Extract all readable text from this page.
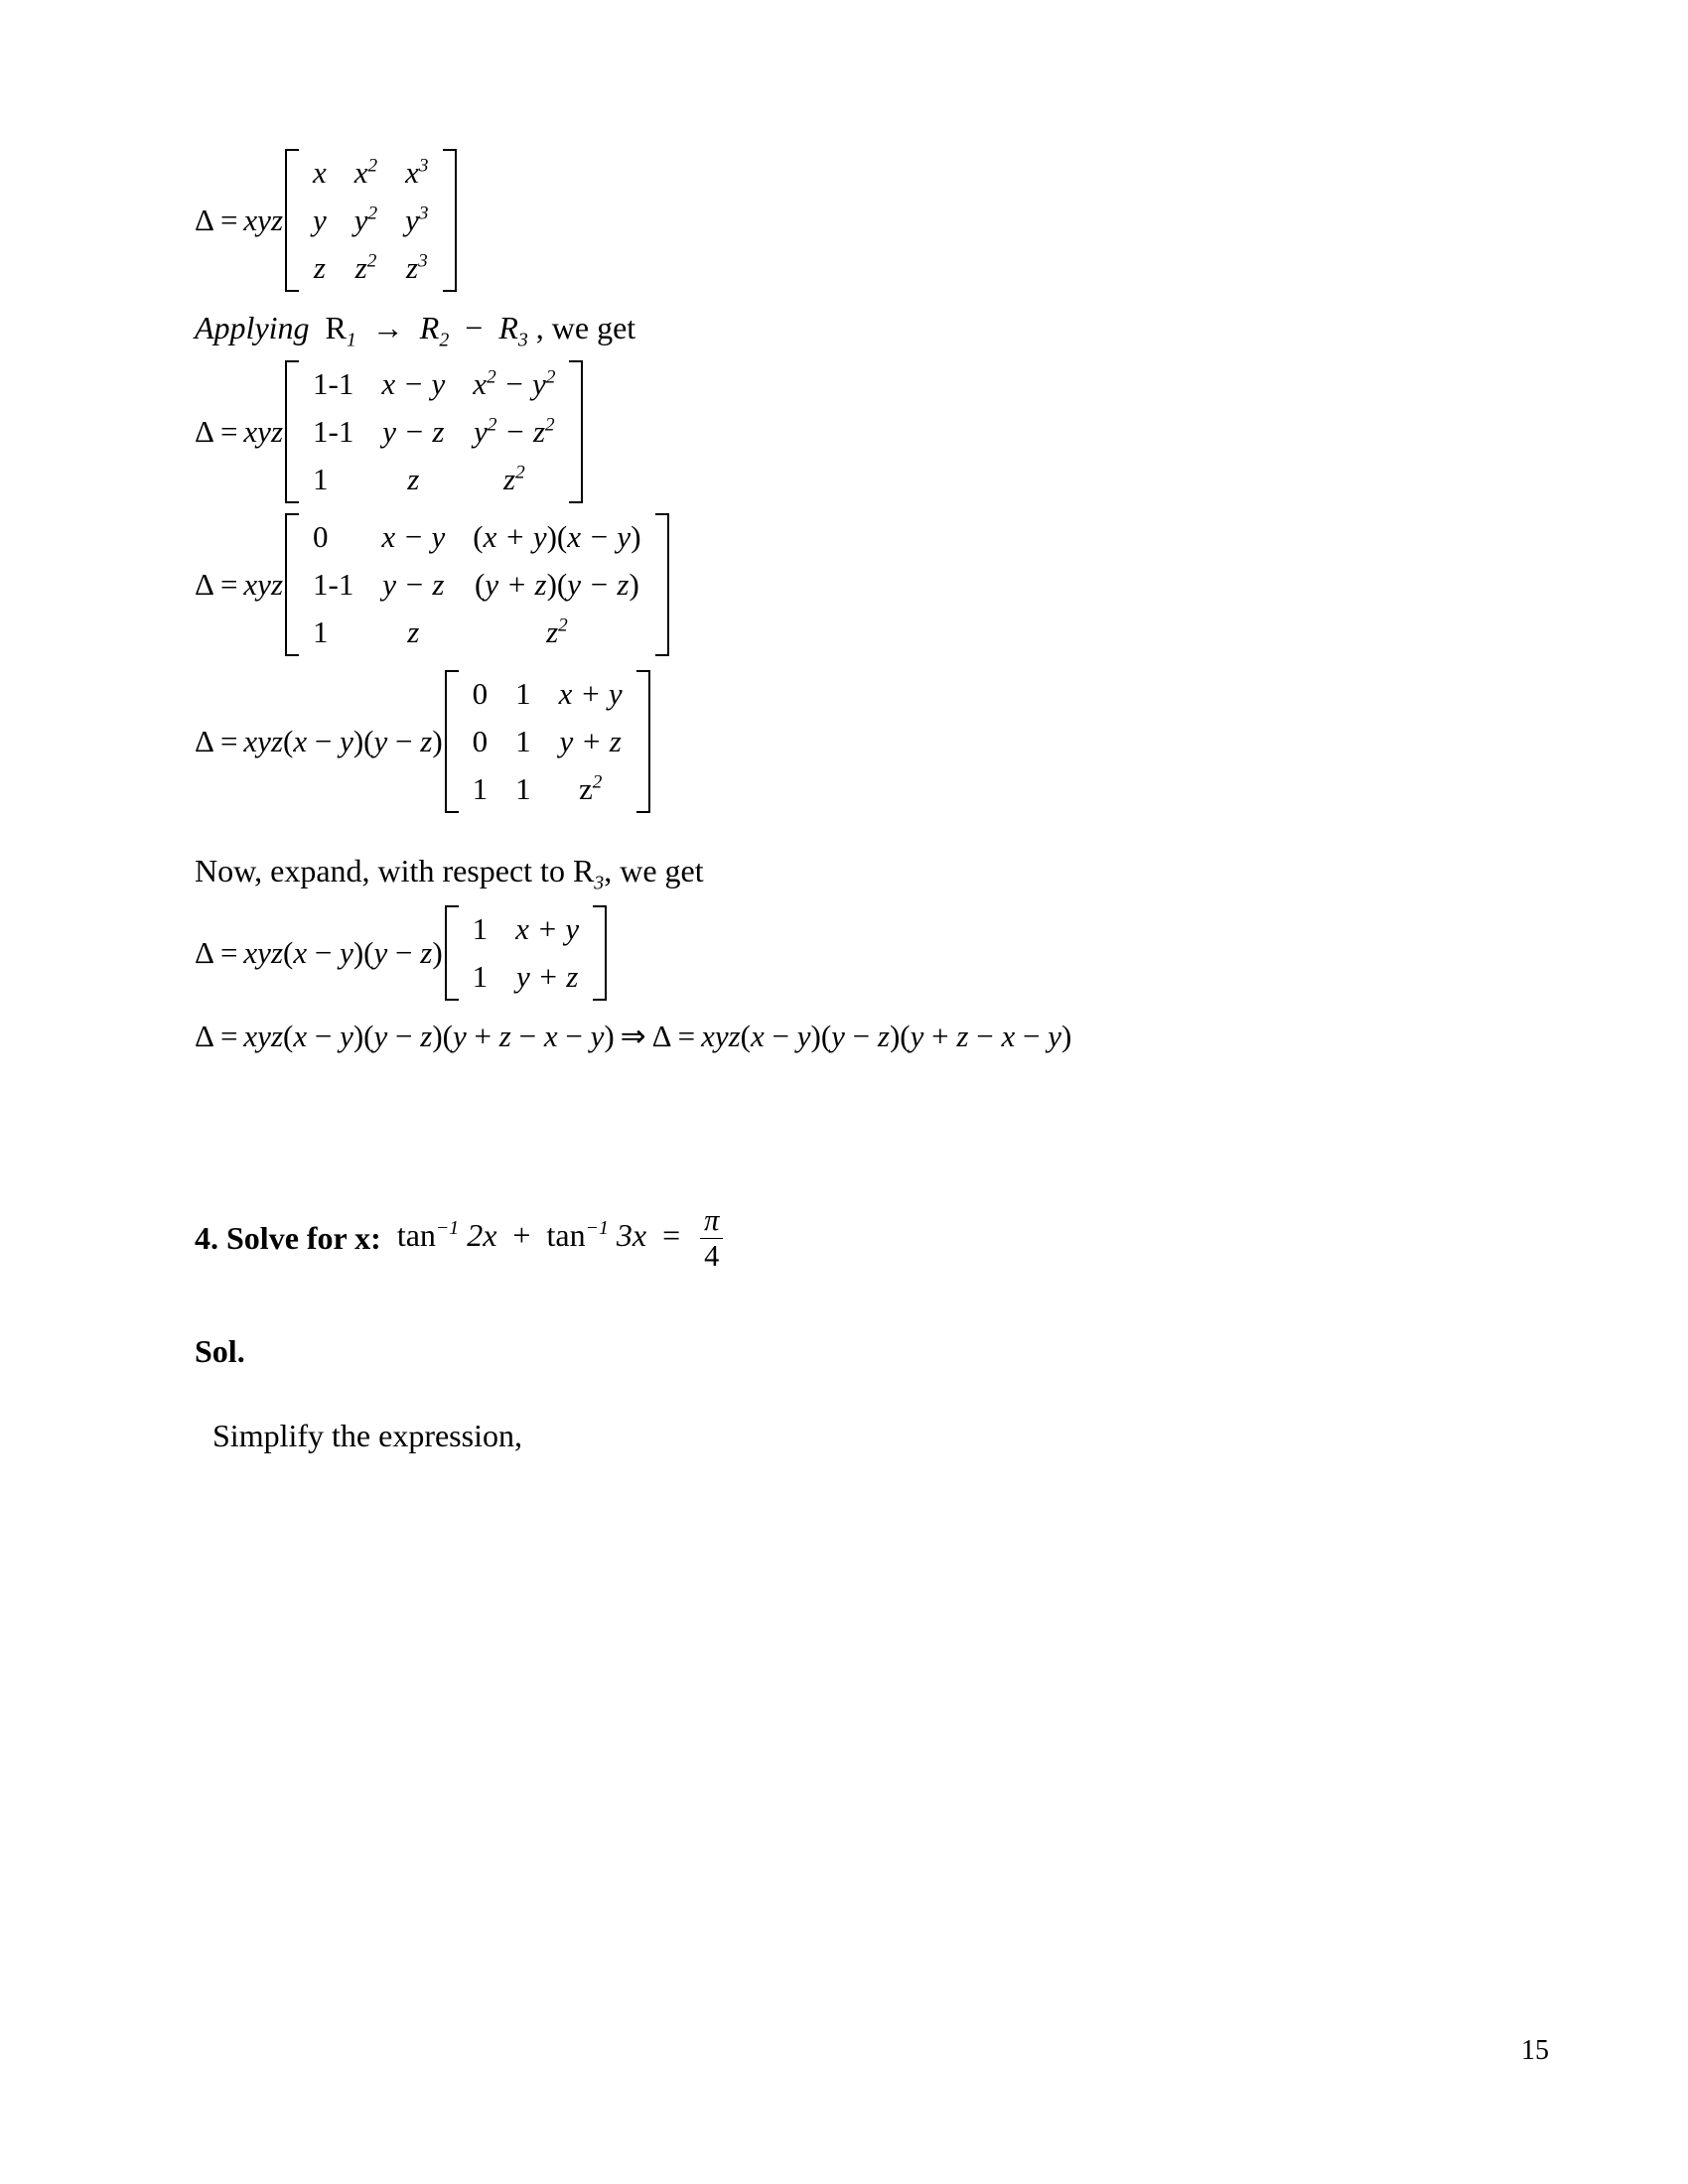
Δ = xyz
x	$x^2$	$x^3$
y	$y^2$	$y^3$
z	$z^2$	$z^3$
Applying $R_1 \to R_2 - R_3$ , we get
Δ = xyz
1-1	x − y	$x^2 - y^2$
1-1	y − z	$y^2 - z^2$
1	z	$z^2$
Δ = xyz
0	x − y	(x + y)(x − y)
1-1	y − z	(y + z)(y − z)
1	z	$z^2$
Δ = xyz (x − y)(y − z)
0	1	x + y
0	1	y + z
1	1	$z^2$
Now, expand, with respect to $R_3$, we get
Δ = xyz (x − y)(y − z)
1	x + y
1	y + z
Δ = xyz(x − y)(y − z)(y + z − x − y) ⇒ Δ = xyz(x − y)(y − z)(y + z − x − y)
4. Solve for x: $\tan^{-1} 2x + \tan^{-1} 3x = \frac{\pi}{4}$
Sol.
Simplify the expression,
15
